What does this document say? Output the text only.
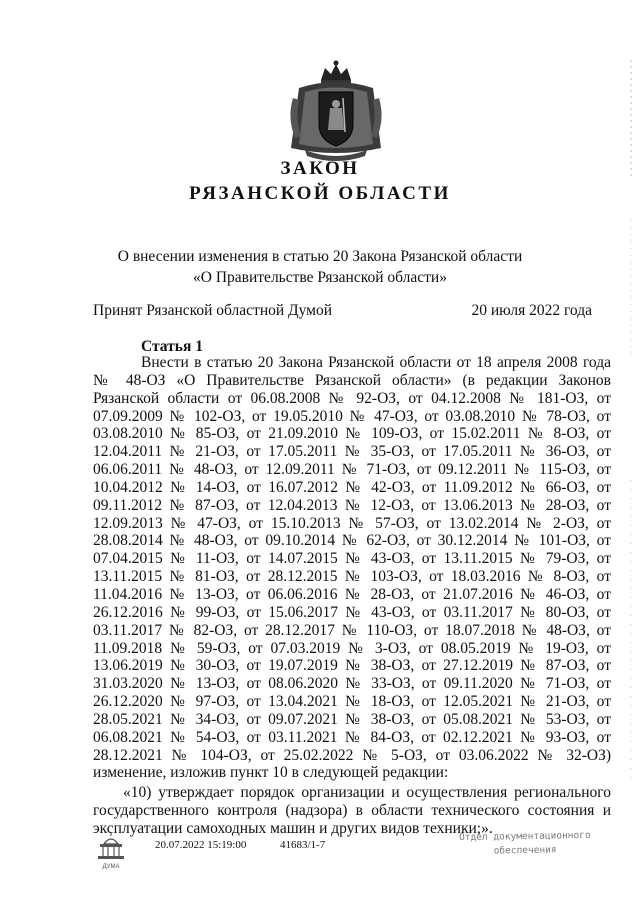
ЗАКОН
РЯЗАНСКОЙ ОБЛАСТИ
О внесении изменения в статью 20 Закона Рязанской области
«О Правительстве Рязанской области»
Принят Рязанской областной Думой	20 июля 2022 года
Статья 1

Внести в статью 20 Закона Рязанской области от 18 апреля 2008 года № 48-ОЗ «О Правительстве Рязанской области» (в редакции Законов Рязанской области от 06.08.2008 № 92-ОЗ, от 04.12.2008 № 181-ОЗ, от 07.09.2009 № 102-ОЗ, от 19.05.2010 № 47-ОЗ, от 03.08.2010 № 78-ОЗ, от 03.08.2010 № 85-ОЗ, от 21.09.2010 № 109-ОЗ, от 15.02.2011 № 8-ОЗ, от 12.04.2011 № 21-ОЗ, от 17.05.2011 № 35-ОЗ, от 17.05.2011 № 36-ОЗ, от 06.06.2011 № 48-ОЗ, от 12.09.2011 № 71-ОЗ, от 09.12.2011 № 115-ОЗ, от 10.04.2012 № 14-ОЗ, от 16.07.2012 № 42-ОЗ, от 11.09.2012 № 66-ОЗ, от 09.11.2012 № 87-ОЗ, от 12.04.2013 № 12-ОЗ, от 13.06.2013 № 28-ОЗ, от 12.09.2013 № 47-ОЗ, от 15.10.2013 № 57-ОЗ, от 13.02.2014 № 2-ОЗ, от 28.08.2014 № 48-ОЗ, от 09.10.2014 № 62-ОЗ, от 30.12.2014 № 101-ОЗ, от 07.04.2015 № 11-ОЗ, от 14.07.2015 № 43-ОЗ, от 13.11.2015 № 79-ОЗ, от 13.11.2015 № 81-ОЗ, от 28.12.2015 № 103-ОЗ, от 18.03.2016 № 8-ОЗ, от 11.04.2016 № 13-ОЗ, от 06.06.2016 № 28-ОЗ, от 21.07.2016 № 46-ОЗ, от 26.12.2016 № 99-ОЗ, от 15.06.2017 № 43-ОЗ, от 03.11.2017 № 80-ОЗ, от 03.11.2017 № 82-ОЗ, от 28.12.2017 № 110-ОЗ, от 18.07.2018 № 48-ОЗ, от 11.09.2018 № 59-ОЗ, от 07.03.2019 № 3-ОЗ, от 08.05.2019 № 19-ОЗ, от 13.06.2019 № 30-ОЗ, от 19.07.2019 № 38-ОЗ, от 27.12.2019 № 87-ОЗ, от 31.03.2020 № 13-ОЗ, от 08.06.2020 № 33-ОЗ, от 09.11.2020 № 71-ОЗ, от 26.12.2020 № 97-ОЗ, от 13.04.2021 № 18-ОЗ, от 12.05.2021 № 21-ОЗ, от 28.05.2021 № 34-ОЗ, от 09.07.2021 № 38-ОЗ, от 05.08.2021 № 53-ОЗ, от 06.08.2021 № 54-ОЗ, от 03.11.2021 № 84-ОЗ, от 02.12.2021 № 93-ОЗ, от 28.12.2021 № 104-ОЗ, от 25.02.2022 № 5-ОЗ, от 03.06.2022 № 32-ОЗ) изменение, изложив пункт 10 в следующей редакции:

«10) утверждает порядок организации и осуществления регионального государственного контроля (надзора) в области технического состояния и эксплуатации самоходных машин и других видов техники;».

ДУМА
20.07.2022 15:19:00	41683/1-7
Отдел документационного
обеспечения
